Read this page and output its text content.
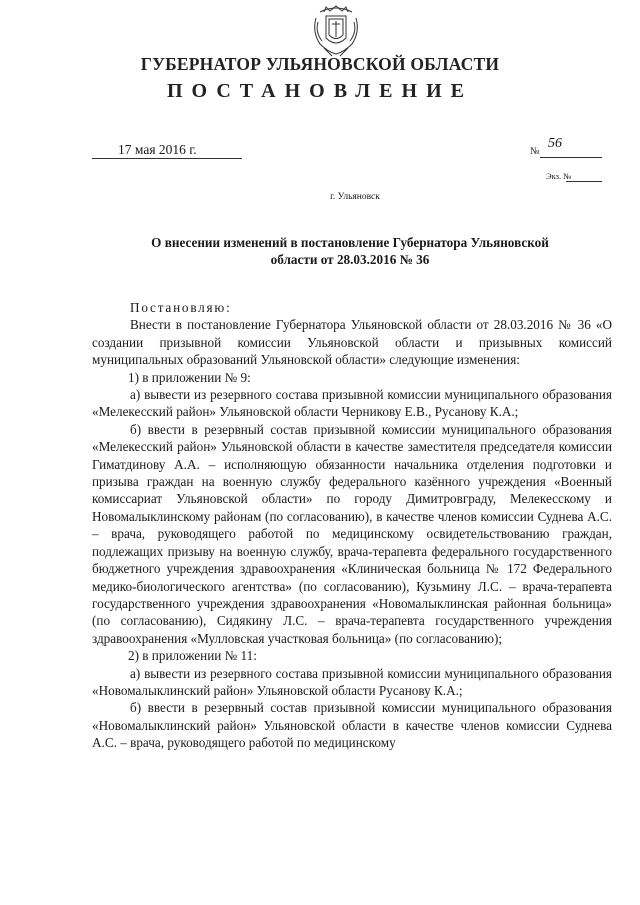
ГУБЕРНАТОР УЛЬЯНОВСКОЙ ОБЛАСТИ
ПОСТАНОВЛЕНИЕ
17 мая 2016 г.	№
56
Экз. №
г. Ульяновск
О внесении изменений в постановление Губернатора Ульяновской области от 28.03.2016 № 36

Постановляю:

Внести в постановление Губернатора Ульяновской области от 28.03.2016 № 36 «О создании призывной комиссии Ульяновской области и призывных комиссий муниципальных образований Ульяновской области» следующие изменения:

1) в приложении № 9:

а) вывести из резервного состава призывной комиссии муниципального образования «Мелекесский район» Ульяновской области Черникову Е.В., Русанову К.А.;

б) ввести в резервный состав призывной комиссии муниципального образования «Мелекесский район» Ульяновской области в качестве заместителя председателя комиссии Гиматдинову А.А. – исполняющую обязанности начальника отделения подготовки и призыва граждан на военную службу федерального казённого учреждения «Военный комиссариат Ульяновской области» по городу Димитровграду, Мелекесскому и Новомалыклинскому районам (по согласованию), в качестве членов комиссии Суднева А.С. – врача, руководящего работой по медицинскому освидетельствованию граждан, подлежащих призыву на военную службу, врача-терапевта федерального государственного бюджетного учреждения здравоохранения «Клиническая больница № 172 Федерального медико-биологического агентства» (по согласованию), Кузьмину Л.С. – врача-терапевта государственного учреждения здравоохранения «Новомалыклинская районная больница» (по согласованию), Сидякину Л.С. – врача-терапевта государственного учреждения здравоохранения «Мулловская участковая больница» (по согласованию);

2) в приложении № 11:

а) вывести из резервного состава призывной комиссии муниципального образования «Новомалыклинский район» Ульяновской области Русанову К.А.;

б) ввести в резервный состав призывной комиссии муниципального образования «Новомалыклинский район» Ульяновской области в качестве членов комиссии Суднева А.С. – врача, руководящего работой по медицинскому
